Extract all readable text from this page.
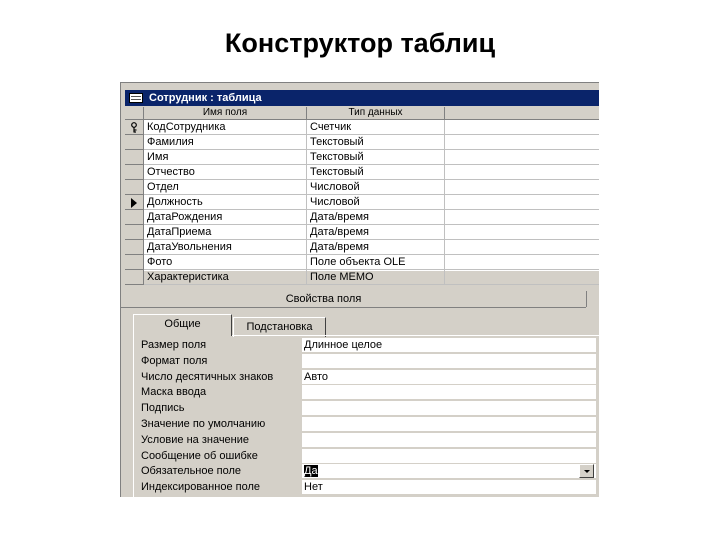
Конструктор таблиц
Сотрудник : таблица
Имя поля	Тип данных
КодСотрудника	Счетчик
Фамилия	Текстовый
Имя	Текстовый
Отчество	Текстовый
Отдел	Числовой
Должность	Числовой
ДатаРождения	Дата/время
ДатаПриема	Дата/время
ДатаУвольнения	Дата/время
Фото	Поле объекта OLE
Характеристика	Поле MEMO
Свойства поля
Общие	Подстановка
Размер поля	Длинное целое
Формат поля
Число десятичных знаков	Авто
Маска ввода
Подпись
Значение по умолчанию
Условие на значение
Сообщение об ошибке
Обязательное поле	Да
Индексированное поле	Нет
